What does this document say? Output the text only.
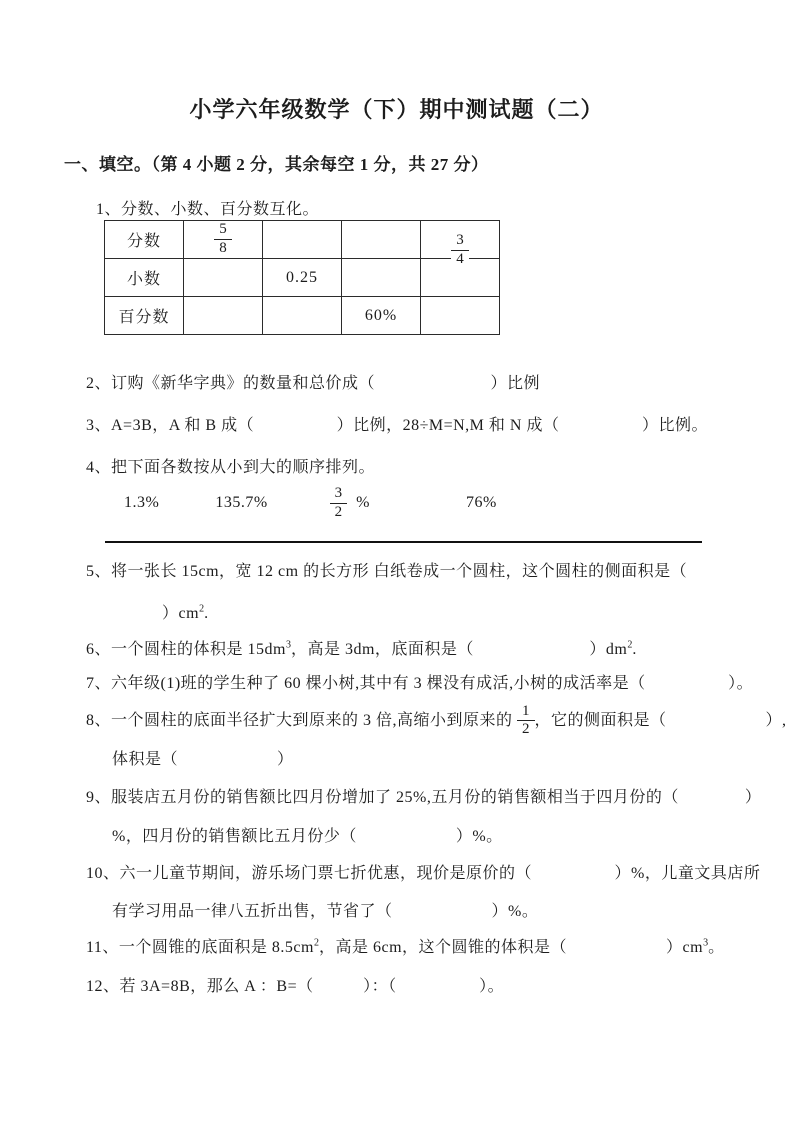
小学六年级数学（下）期中测试题（二）
一、填空。（第 4 小题 2 分，其余每空 1 分，共 27 分）
1、分数、小数、百分数互化。
分数	$\frac{5}{8}$			$\frac{3}{4}$

小数		0.25		
百分数			60%	
2、订购《新华字典》的数量和总价成（　　　　　　　）比例
3、A=3B，A 和 B 成（　　　　　）比例，28÷M=N,M 和 N 成（　　　　　）比例。
4、把下面各数按从小到大的顺序排列。
1.3%	135.7%	$\frac{3}{2}$ %	76%
5、将一张长 15cm，宽 12 cm 的长方形 白纸卷成一个圆柱，这个圆柱的侧面积是（
）$cm^2$.
6、一个圆柱的体积是 $15dm^3$，高是 3dm，底面积是（　　　　　　　）$dm^2$.
7、六年级(1)班的学生种了 60 棵小树,其中有 3 棵没有成活,小树的成活率是（　　　　　）。
8、一个圆柱的底面半径扩大到原来的 3 倍,高缩小到原来的 $\frac{1}{2}$ ，它的侧面积是（　　　　　　）,
体积是（　　　　　　）
9、服装店五月份的销售额比四月份增加了 25%,五月份的销售额相当于四月份的（　　　　）
%，四月份的销售额比五月份少（　　　　　　）%。
10、六一儿童节期间，游乐场门票七折优惠，现价是原价的（　　　　　）%，儿童文具店所
有学习用品一律八五折出售，节省了（　　　　　　）%。
11、一个圆锥的底面积是 $8.5cm^2$，高是 6cm，这个圆锥的体积是（　　　　　　）$cm^3$。
12、若 3A=8B，那么 A ：B=（　　　）：（　　　　　）。
